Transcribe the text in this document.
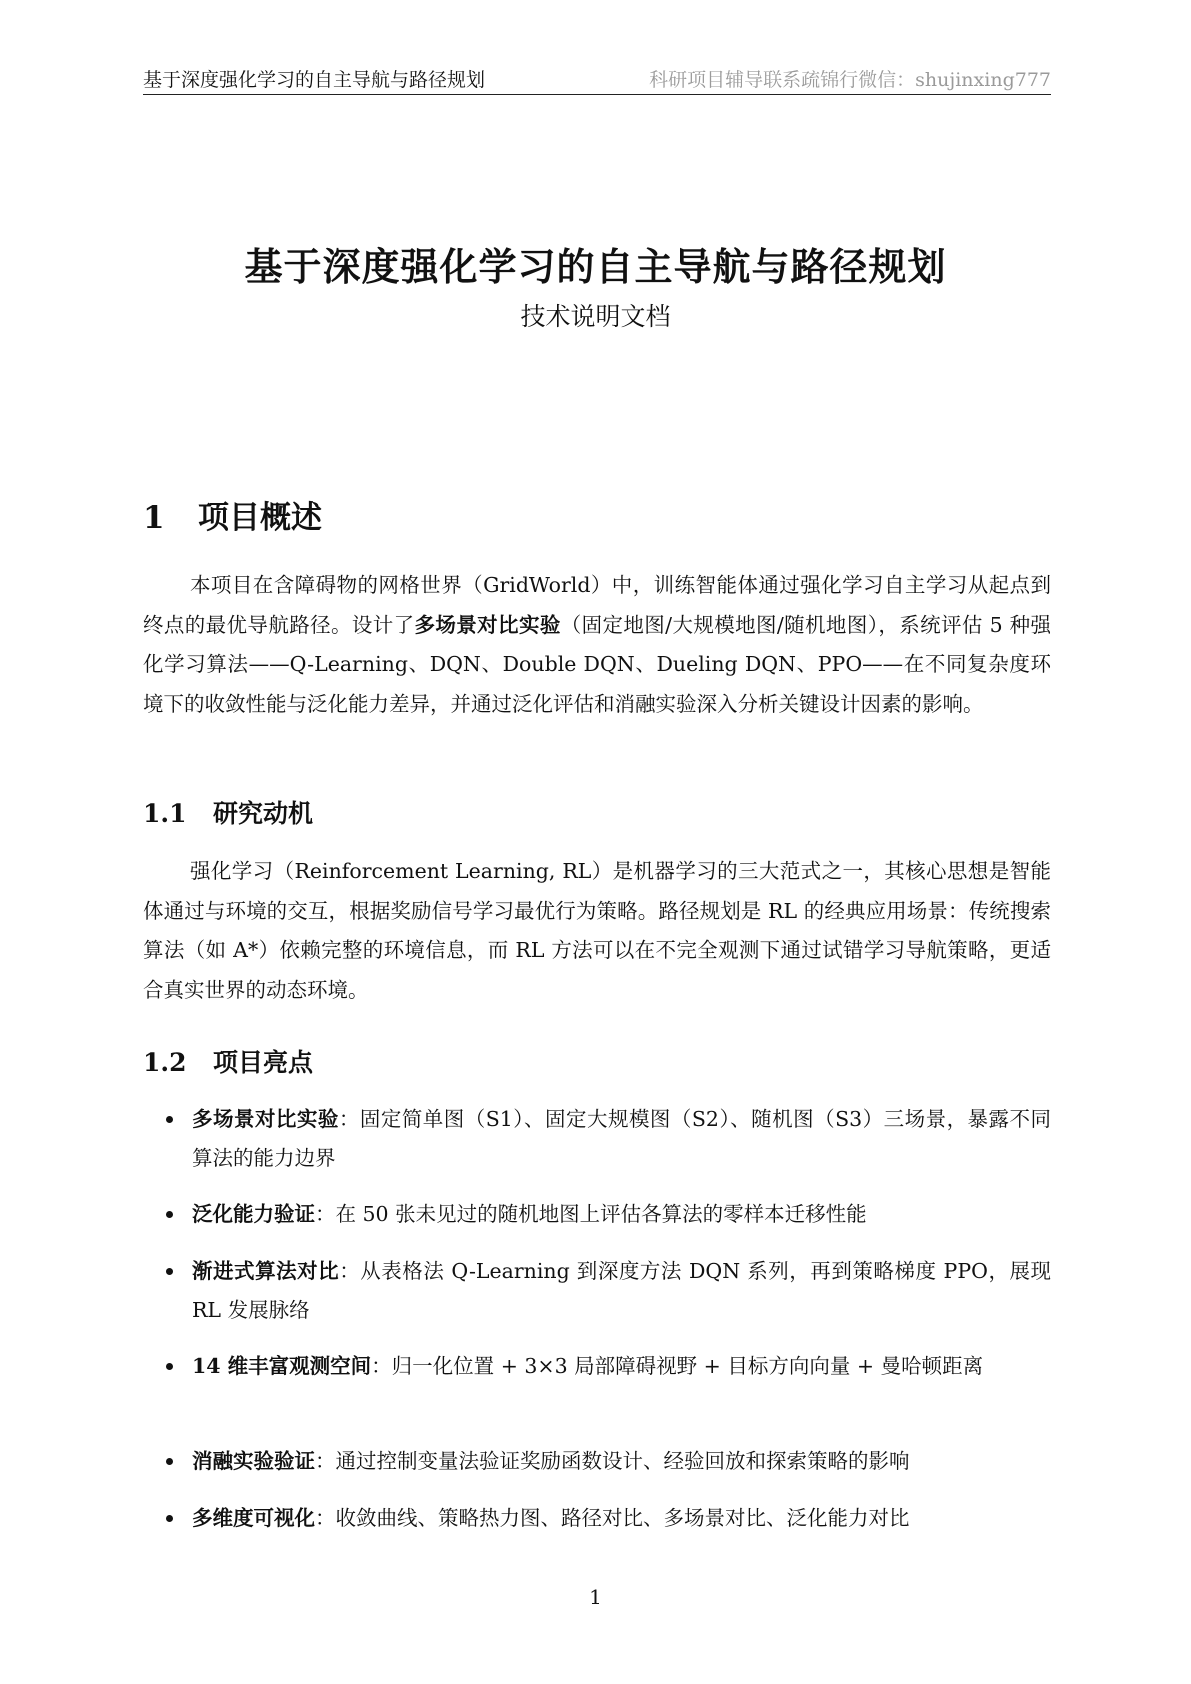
基于深度强化学习的自主导航与路径规划	科研项目辅导联系疏锦行微信：shujinxing777
基于深度强化学习的自主导航与路径规划
技术说明文档
1 项目概述
本项目在含障碍物的网格世界（GridWorld）中，训练智能体通过强化学习自主学习从起点到终点的最优导航路径。设计了多场景对比实验（固定地图/大规模地图/随机地图），系统评估 5 种强化学习算法——Q-Learning、DQN、Double DQN、Dueling DQN、PPO——在不同复杂度环境下的收敛性能与泛化能力差异，并通过泛化评估和消融实验深入分析关键设计因素的影响。
1.1 研究动机
强化学习（Reinforcement Learning, RL）是机器学习的三大范式之一，其核心思想是智能体通过与环境的交互，根据奖励信号学习最优行为策略。路径规划是 RL 的经典应用场景：传统搜索算法（如 A*）依赖完整的环境信息，而 RL 方法可以在不完全观测下通过试错学习导航策略，更适合真实世界的动态环境。
1.2 项目亮点
多场景对比实验：固定简单图（S1）、固定大规模图（S2）、随机图（S3）三场景，暴露不同算法的能力边界
泛化能力验证：在 50 张未见过的随机地图上评估各算法的零样本迁移性能
渐进式算法对比：从表格法 Q-Learning 到深度方法 DQN 系列，再到策略梯度 PPO，展现 RL 发展脉络
14 维丰富观测空间：归一化位置 + 3×3 局部障碍视野 + 目标方向向量 + 曼哈顿距离
消融实验验证：通过控制变量法验证奖励函数设计、经验回放和探索策略的影响
多维度可视化：收敛曲线、策略热力图、路径对比、多场景对比、泛化能力对比
1
